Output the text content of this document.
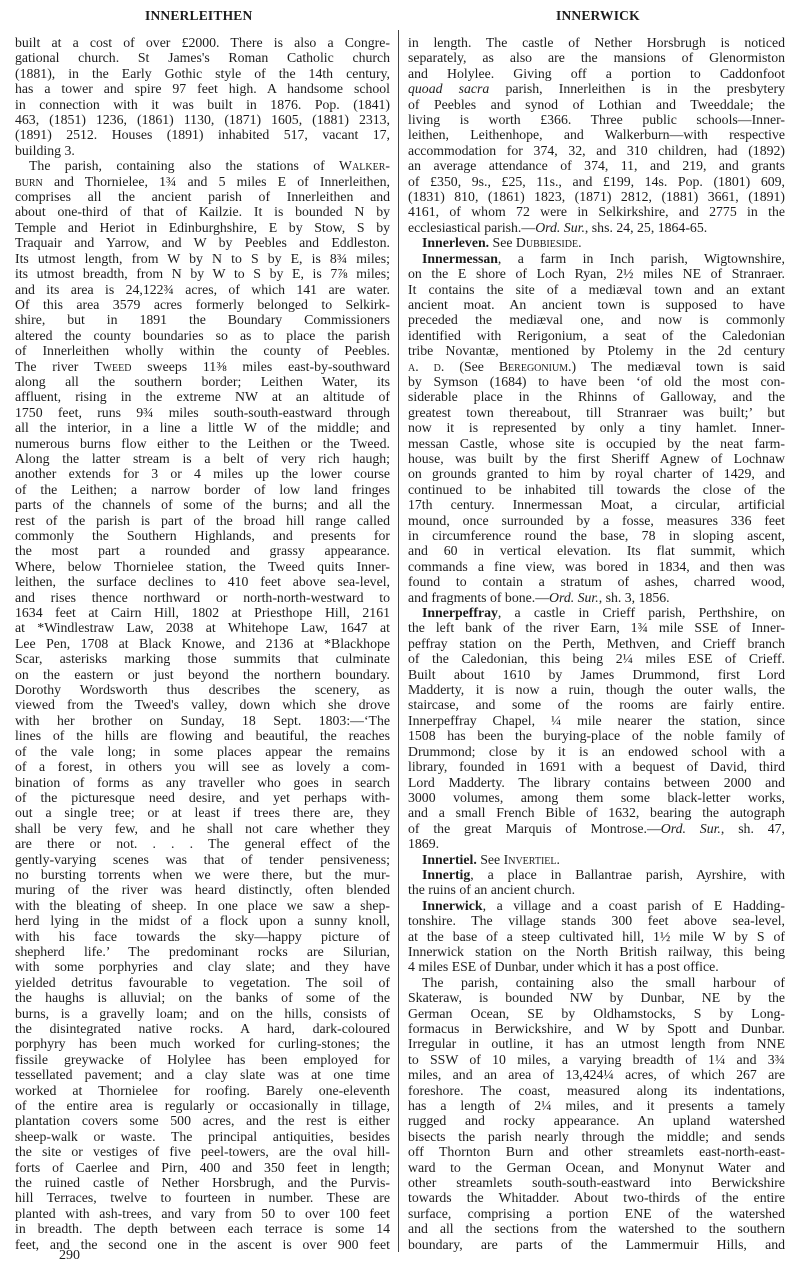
INNERLEITHEN	INNERWICK
built at a cost of over £2000. There is also a Congre-
gational church. St James's Roman Catholic church
(1881), in the Early Gothic style of the 14th century,
has a tower and spire 97 feet high. A handsome school
in connection with it was built in 1876. Pop. (1841)
463, (1851) 1236, (1861) 1130, (1871) 1605, (1881) 2313,
(1891) 2512. Houses (1891) inhabited 517, vacant 17,
building 3.
The parish, containing also the stations of Walker-
burn and Thornielee, 1¾ and 5 miles E of Innerleithen,
comprises all the ancient parish of Innerleithen and
about one-third of that of Kailzie. It is bounded N by
Temple and Heriot in Edinburghshire, E by Stow, S by
Traquair and Yarrow, and W by Peebles and Eddleston.
Its utmost length, from W by N to S by E, is 8¾ miles;
its utmost breadth, from N by W to S by E, is 7⅞ miles;
and its area is 24,122¾ acres, of which 141 are water.
Of this area 3579 acres formerly belonged to Selkirk-
shire, but in 1891 the Boundary Commissioners
altered the county boundaries so as to place the parish
of Innerleithen wholly within the county of Peebles.
The river Tweed sweeps 11⅜ miles east-by-southward
along all the southern border; Leithen Water, its
affluent, rising in the extreme NW at an altitude of
1750 feet, runs 9¾ miles south-south-eastward through
all the interior, in a line a little W of the middle; and
numerous burns flow either to the Leithen or the Tweed.
Along the latter stream is a belt of very rich haugh;
another extends for 3 or 4 miles up the lower course
of the Leithen; a narrow border of low land fringes
parts of the channels of some of the burns; and all the
rest of the parish is part of the broad hill range called
commonly the Southern Highlands, and presents for
the most part a rounded and grassy appearance.
Where, below Thornielee station, the Tweed quits Inner-
leithen, the surface declines to 410 feet above sea-level,
and rises thence northward or north-north-westward to
1634 feet at Cairn Hill, 1802 at Priesthope Hill, 2161
at *Windlestraw Law, 2038 at Whitehope Law, 1647 at
Lee Pen, 1708 at Black Knowe, and 2136 at *Blackhope
Scar, asterisks marking those summits that culminate
on the eastern or just beyond the northern boundary.
Dorothy Wordsworth thus describes the scenery, as
viewed from the Tweed's valley, down which she drove
with her brother on Sunday, 18 Sept. 1803:—‘The
lines of the hills are flowing and beautiful, the reaches
of the vale long; in some places appear the remains
of a forest, in others you will see as lovely a com-
bination of forms as any traveller who goes in search
of the picturesque need desire, and yet perhaps with-
out a single tree; or at least if trees there are, they
shall be very few, and he shall not care whether they
are there or not. . . . The general effect of the
gently-varying scenes was that of tender pensiveness;
no bursting torrents when we were there, but the mur-
muring of the river was heard distinctly, often blended
with the bleating of sheep. In one place we saw a shep-
herd lying in the midst of a flock upon a sunny knoll,
with his face towards the sky—happy picture of
shepherd life.’ The predominant rocks are Silurian,
with some porphyries and clay slate; and they have
yielded detritus favourable to vegetation. The soil of
the haughs is alluvial; on the banks of some of the
burns, is a gravelly loam; and on the hills, consists of
the disintegrated native rocks. A hard, dark-coloured
porphyry has been much worked for curling-stones; the
fissile greywacke of Holylee has been employed for
tessellated pavement; and a clay slate was at one time
worked at Thornielee for roofing. Barely one-eleventh
of the entire area is regularly or occasionally in tillage,
plantation covers some 500 acres, and the rest is either
sheep-walk or waste. The principal antiquities, besides
the site or vestiges of five peel-towers, are the oval hill-
forts of Caerlee and Pirn, 400 and 350 feet in length;
the ruined castle of Nether Horsbrugh, and the Purvis-
hill Terraces, twelve to fourteen in number. These are
planted with ash-trees, and vary from 50 to over 100 feet
in breadth. The depth between each terrace is some 14
feet, and the second one in the ascent is over 900 feet
in length. The castle of Nether Horsbrugh is noticed
separately, as also are the mansions of Glenormiston
and Holylee. Giving off a portion to Caddonfoot
quoad sacra parish, Innerleithen is in the presbytery
of Peebles and synod of Lothian and Tweeddale; the
living is worth £366. Three public schools—Inner-
leithen, Leithenhope, and Walkerburn—with respective
accommodation for 374, 32, and 310 children, had (1892)
an average attendance of 374, 11, and 219, and grants
of £350, 9s., £25, 11s., and £199, 14s. Pop. (1801) 609,
(1831) 810, (1861) 1823, (1871) 2812, (1881) 3661, (1891)
4161, of whom 72 were in Selkirkshire, and 2775 in the
ecclesiastical parish.—Ord. Sur., shs. 24, 25, 1864-65.
Innerleven. See Dubbieside.
Innermessan, a farm in Inch parish, Wigtownshire,
on the E shore of Loch Ryan, 2½ miles NE of Stranraer.
It contains the site of a mediæval town and an extant
ancient moat. An ancient town is supposed to have
preceded the mediæval one, and now is commonly
identified with Rerigonium, a seat of the Caledonian
tribe Novantæ, mentioned by Ptolemy in the 2d century
a. d. (See Beregonium.) The mediæval town is said
by Symson (1684) to have been ‘of old the most con-
siderable place in the Rhinns of Galloway, and the
greatest town thereabout, till Stranraer was built;’ but
now it is represented by only a tiny hamlet. Inner-
messan Castle, whose site is occupied by the neat farm-
house, was built by the first Sheriff Agnew of Lochnaw
on grounds granted to him by royal charter of 1429, and
continued to be inhabited till towards the close of the
17th century. Innermessan Moat, a circular, artificial
mound, once surrounded by a fosse, measures 336 feet
in circumference round the base, 78 in sloping ascent,
and 60 in vertical elevation. Its flat summit, which
commands a fine view, was bored in 1834, and then was
found to contain a stratum of ashes, charred wood,
and fragments of bone.—Ord. Sur., sh. 3, 1856.
Innerpeffray, a castle in Crieff parish, Perthshire, on
the left bank of the river Earn, 1¾ mile SSE of Inner-
peffray station on the Perth, Methven, and Crieff branch
of the Caledonian, this being 2¼ miles ESE of Crieff.
Built about 1610 by James Drummond, first Lord
Madderty, it is now a ruin, though the outer walls, the
staircase, and some of the rooms are fairly entire.
Innerpeffray Chapel, ¼ mile nearer the station, since
1508 has been the burying-place of the noble family of
Drummond; close by it is an endowed school with a
library, founded in 1691 with a bequest of David, third
Lord Madderty. The library contains between 2000 and
3000 volumes, among them some black-letter works,
and a small French Bible of 1632, bearing the autograph
of the great Marquis of Montrose.—Ord. Sur., sh. 47,
1869.
Innertiel. See Invertiel.
Innertig, a place in Ballantrae parish, Ayrshire, with
the ruins of an ancient church.
Innerwick, a village and a coast parish of E Hadding-
tonshire. The village stands 300 feet above sea-level,
at the base of a steep cultivated hill, 1½ mile W by S of
Innerwick station on the North British railway, this being
4 miles ESE of Dunbar, under which it has a post office.
The parish, containing also the small harbour of
Skateraw, is bounded NW by Dunbar, NE by the
German Ocean, SE by Oldhamstocks, S by Long-
formacus in Berwickshire, and W by Spott and Dunbar.
Irregular in outline, it has an utmost length from NNE
to SSW of 10 miles, a varying breadth of 1¼ and 3¾
miles, and an area of 13,424¼ acres, of which 267 are
foreshore. The coast, measured along its indentations,
has a length of 2¼ miles, and it presents a tamely
rugged and rocky appearance. An upland watershed
bisects the parish nearly through the middle; and sends
off Thornton Burn and other streamlets east-north-east-
ward to the German Ocean, and Monynut Water and
other streamlets south-south-eastward into Berwickshire
towards the Whitadder. About two-thirds of the entire
surface, comprising a portion ENE of the watershed
and all the sections from the watershed to the southern
boundary, are parts of the Lammermuir Hills, and
290
